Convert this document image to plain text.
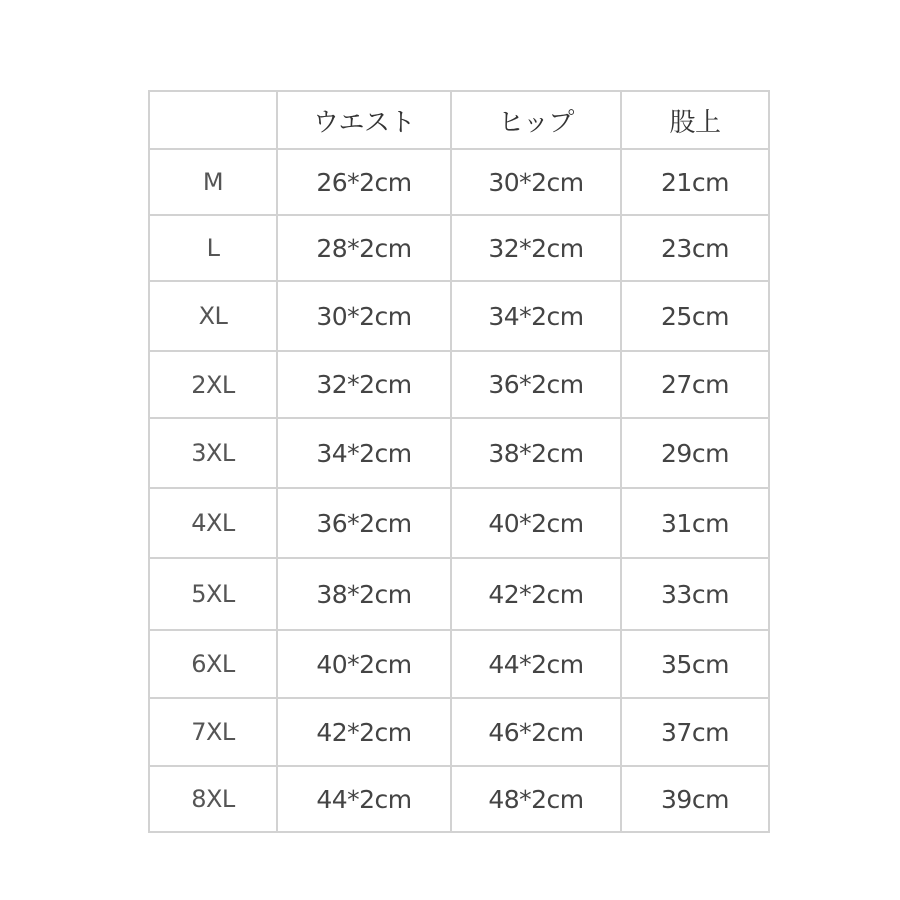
	ウエスト	ヒップ	股上
M	26*2cm	30*2cm	21cm
L	28*2cm	32*2cm	23cm
XL	30*2cm	34*2cm	25cm
2XL	32*2cm	36*2cm	27cm
3XL	34*2cm	38*2cm	29cm
4XL	36*2cm	40*2cm	31cm
5XL	38*2cm	42*2cm	33cm
6XL	40*2cm	44*2cm	35cm
7XL	42*2cm	46*2cm	37cm
8XL	44*2cm	48*2cm	39cm
